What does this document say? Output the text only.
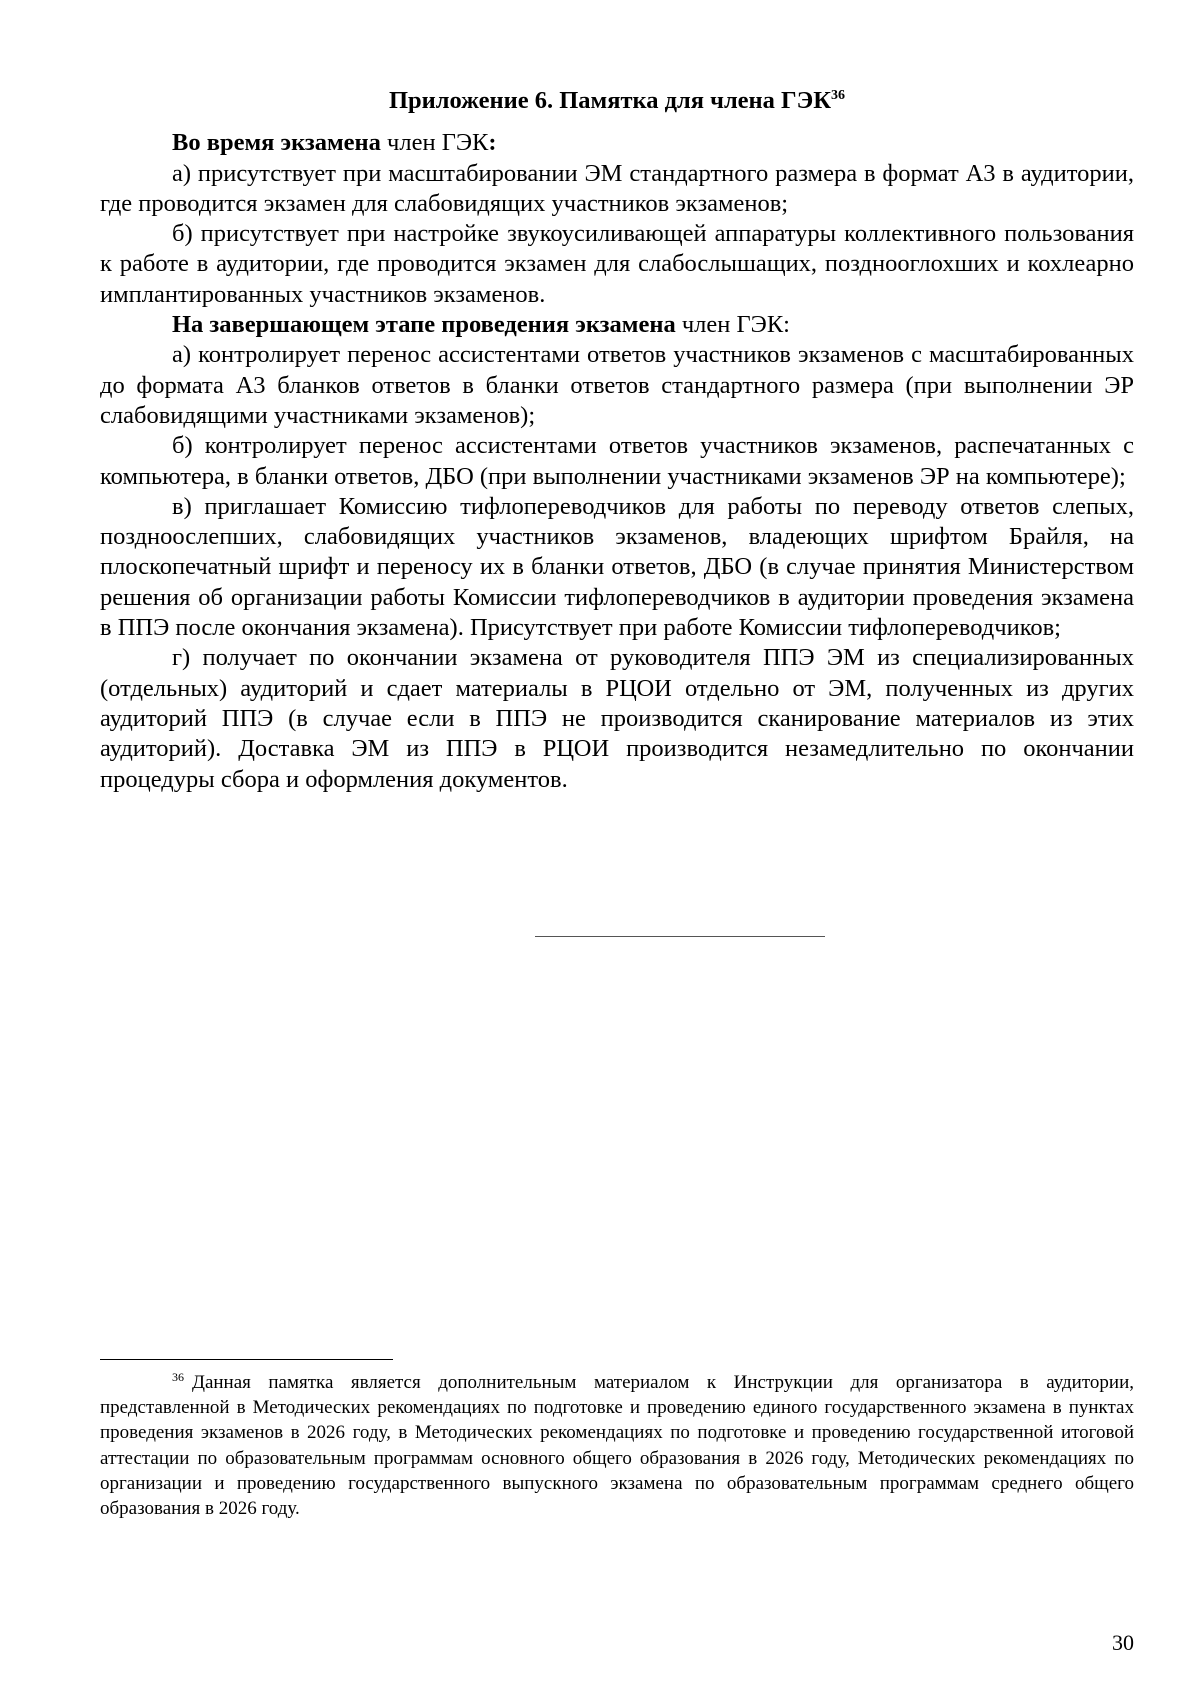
Приложение 6. Памятка для члена ГЭК$^{36}$

Во время экзамена член ГЭК:

а) присутствует при масштабировании ЭМ стандартного размера в формат А3 в аудитории, где проводится экзамен для слабовидящих участников экзаменов;

б) присутствует при настройке звукоусиливающей аппаратуры коллективного пользования к работе в аудитории, где проводится экзамен для слабослышащих, позднооглохших и кохлеарно имплантированных участников экзаменов.

На завершающем этапе проведения экзамена член ГЭК:

а) контролирует перенос ассистентами ответов участников экзаменов с масштабированных до формата А3 бланков ответов в бланки ответов стандартного размера (при выполнении ЭР слабовидящими участниками экзаменов);

б) контролирует перенос ассистентами ответов участников экзаменов, распечатанных с компьютера, в бланки ответов, ДБО (при выполнении участниками экзаменов ЭР на компьютере);

в) приглашает Комиссию тифлопереводчиков для работы по переводу ответов слепых, поздноослепших, слабовидящих участников экзаменов, владеющих шрифтом Брайля, на плоскопечатный шрифт и переносу их в бланки ответов, ДБО (в случае принятия Министерством решения об организации работы Комиссии тифлопереводчиков в аудитории проведения экзамена в ППЭ после окончания экзамена). Присутствует при работе Комиссии тифлопереводчиков;

г) получает по окончании экзамена от руководителя ППЭ ЭМ из специализированных (отдельных) аудиторий и сдает материалы в РЦОИ отдельно от ЭМ, полученных из других аудиторий ППЭ (в случае если в ППЭ не производится сканирование материалов из этих аудиторий). Доставка ЭМ из ППЭ в РЦОИ производится незамедлительно по окончании процедуры сбора и оформления документов.

$^{36}$ Данная памятка является дополнительным материалом к Инструкции для организатора в аудитории, представленной в Методических рекомендациях по подготовке и проведению единого государственного экзамена в пунктах проведения экзаменов в 2026 году, в Методических рекомендациях по подготовке и проведению государственной итоговой аттестации по образовательным программам основного общего образования в 2026 году, Методических рекомендациях по организации и проведению государственного выпускного экзамена по образовательным программам среднего общего образования в 2026 году.
30
